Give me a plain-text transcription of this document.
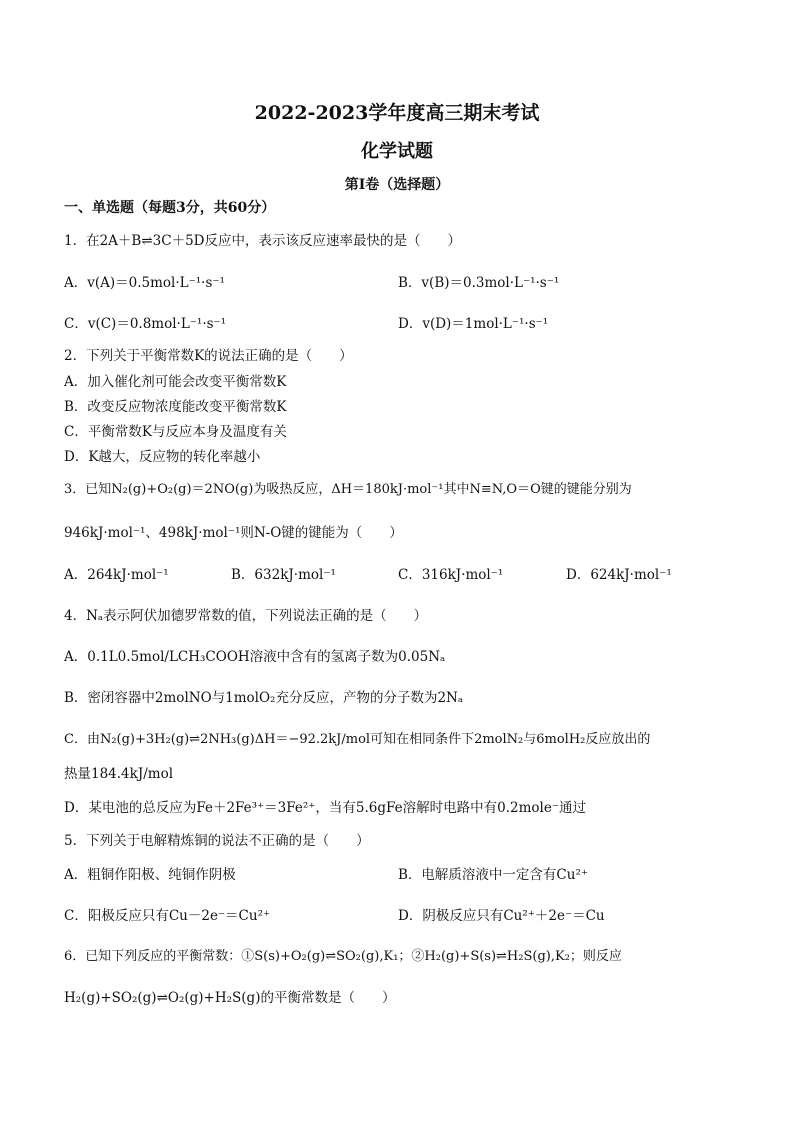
2022-2023学年度高三期末考试
化学试题
第Ⅰ卷（选择题）
一、单选题（每题3分，共60分）
1．在2A＋B⇌3C＋5D反应中，表示该反应速率最快的是（　　）
A．v(A)＝0.5mol·L⁻¹·s⁻¹	B．v(B)＝0.3mol·L⁻¹·s⁻¹
C．v(C)＝0.8mol·L⁻¹·s⁻¹	D．v(D)＝1mol·L⁻¹·s⁻¹
2．下列关于平衡常数K的说法正确的是（　　）
A．加入催化剂可能会改变平衡常数K
B．改变反应物浓度能改变平衡常数K
C．平衡常数K与反应本身及温度有关
D．K越大，反应物的转化率越小
3．已知N₂(g)+O₂(g)＝2NO(g)为吸热反应，ΔH＝180kJ·mol⁻¹其中N≡N,O＝O键的键能分别为
946kJ·mol⁻¹、498kJ·mol⁻¹则N-O键的键能为（　　）
A．264kJ·mol⁻¹	B．632kJ·mol⁻¹	C．316kJ·mol⁻¹	D．624kJ·mol⁻¹
4．Nₐ表示阿伏加德罗常数的值，下列说法正确的是（　　）
A．0.1L0.5mol/LCH₃COOH溶液中含有的氢离子数为0.05Nₐ
B．密闭容器中2molNO与1molO₂充分反应，产物的分子数为2Nₐ
C．由N₂(g)+3H₂(g)⇌2NH₃(g)ΔH＝−92.2kJ/mol可知在相同条件下2molN₂与6molH₂反应放出的
热量184.4kJ/mol
D．某电池的总反应为Fe＋2Fe³⁺＝3Fe²⁺，当有5.6gFe溶解时电路中有0.2mole⁻通过
5．下列关于电解精炼铜的说法不正确的是（　　）
A．粗铜作阳极、纯铜作阴极	B．电解质溶液中一定含有Cu²⁺
C．阳极反应只有Cu－2e⁻＝Cu²⁺	D．阴极反应只有Cu²⁺＋2e⁻＝Cu
6．已知下列反应的平衡常数：①S(s)+O₂(g)⇌SO₂(g),K₁；②H₂(g)+S(s)⇌H₂S(g),K₂；则反应
H₂(g)+SO₂(g)⇌O₂(g)+H₂S(g)的平衡常数是（　　）
